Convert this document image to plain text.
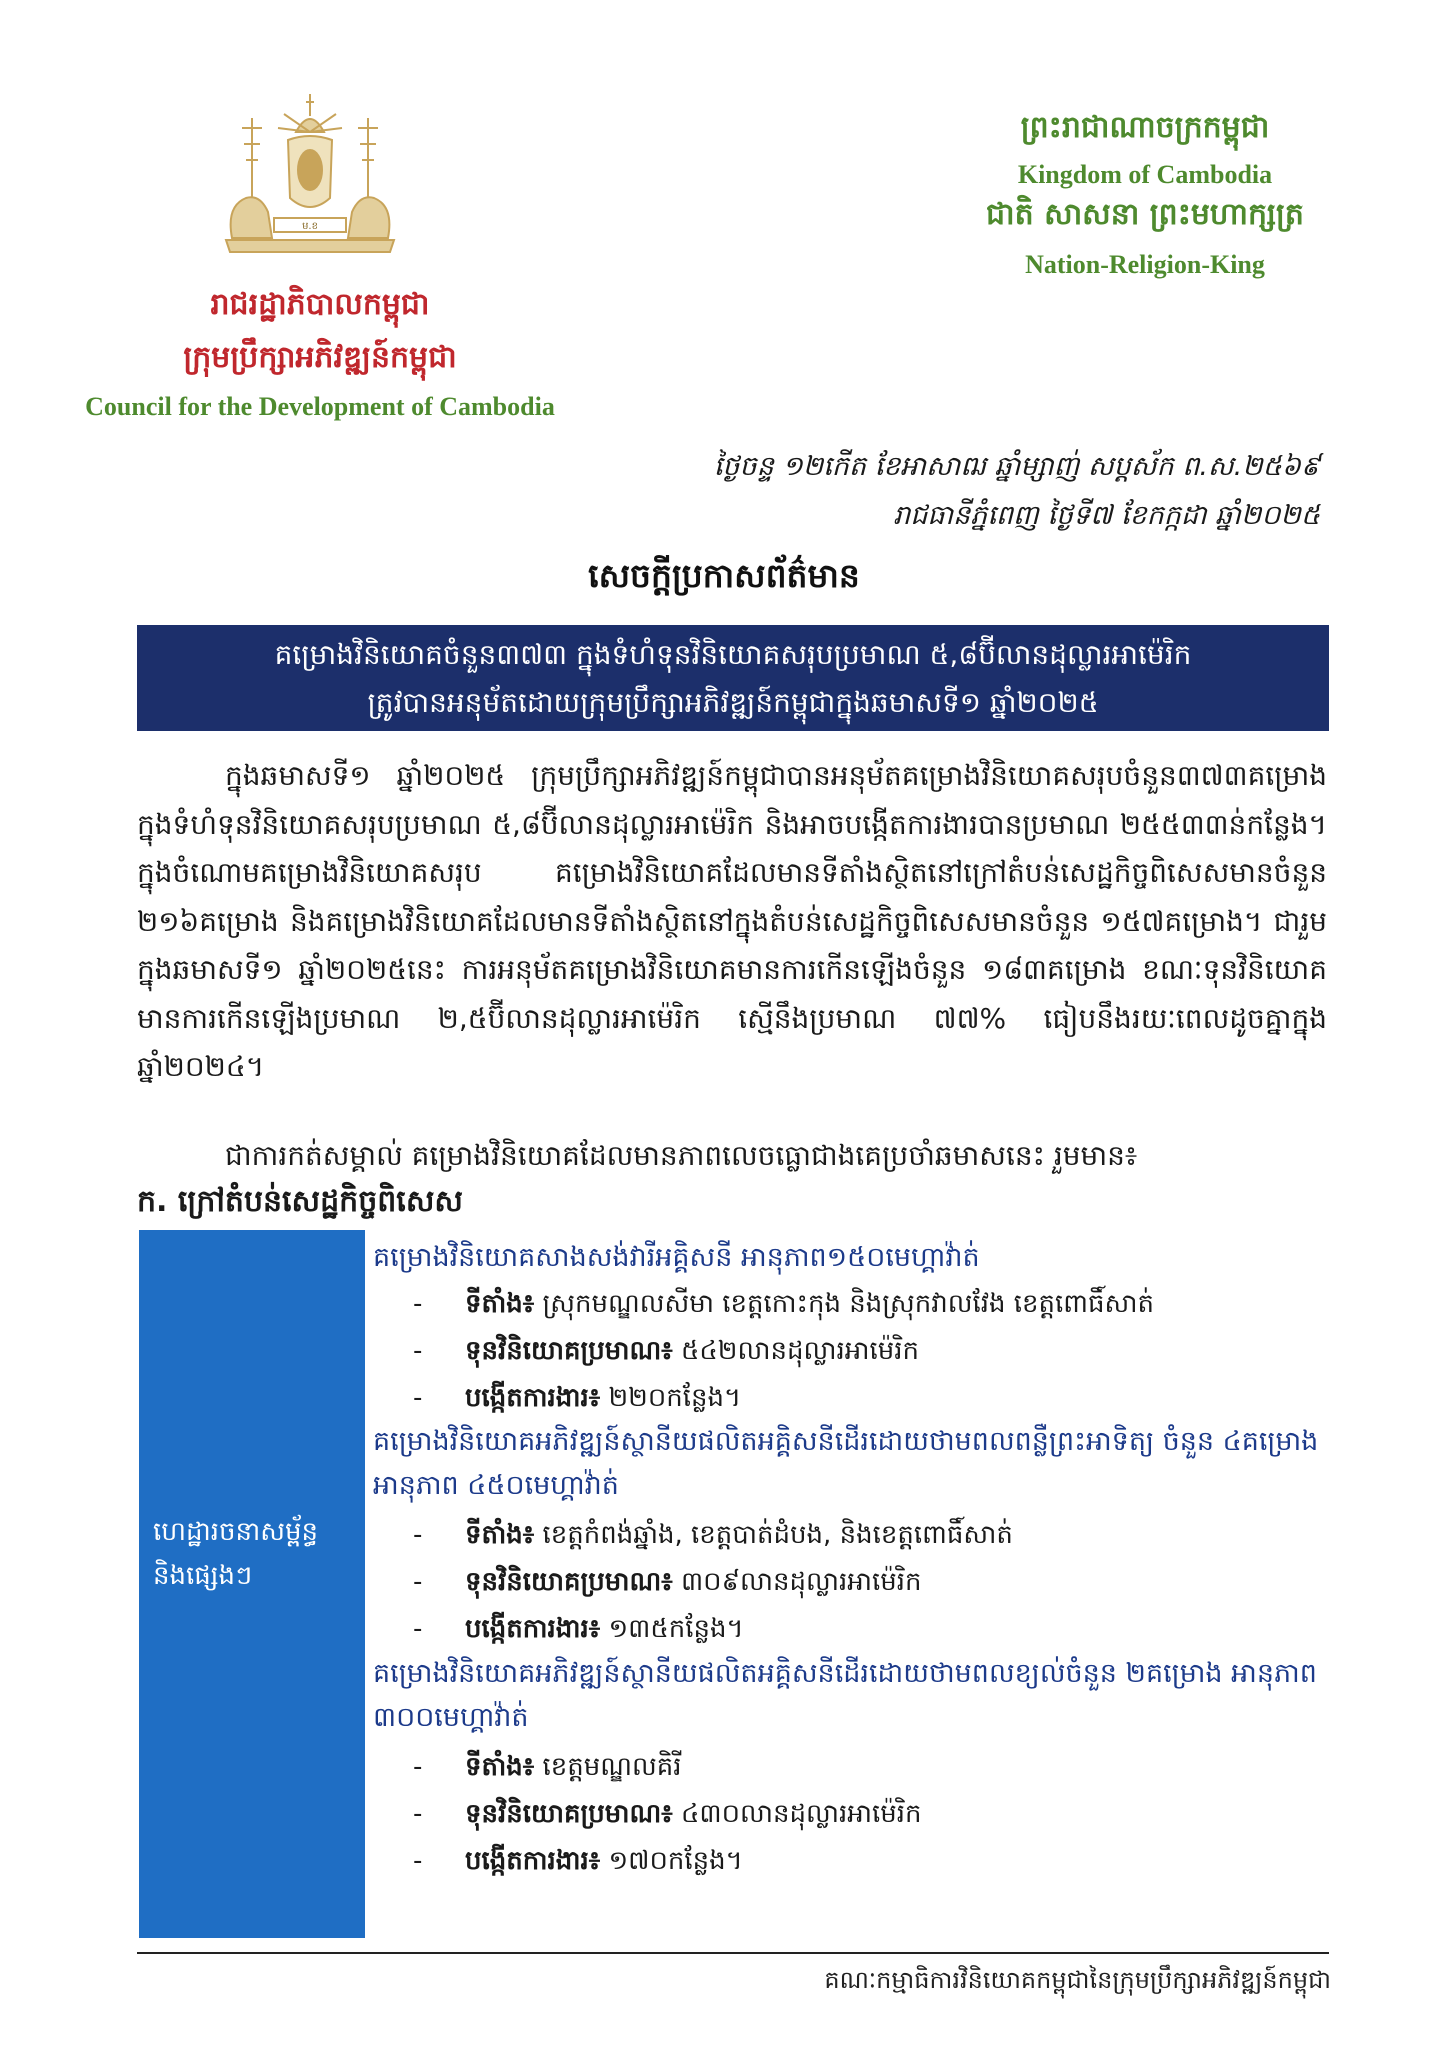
ម.ខ
រាជរដ្ឋាភិបាលកម្ពុជា
ក្រុមប្រឹក្សាអភិវឌ្ឍន៍កម្ពុជា
Council for the Development of Cambodia
ព្រះរាជាណាចក្រកម្ពុជា
Kingdom of Cambodia
ជាតិ សាសនា ព្រះមហាក្សត្រ
Nation-Religion-King
ថ្ងៃចន្ទ ១២កើត ខែអាសាឍ ឆ្នាំម្សាញ់ សប្តស័ក ព.ស.២៥៦៩
រាជធានីភ្នំពេញ ថ្ងៃទី៧ ខែកក្កដា ឆ្នាំ២០២៥
សេចក្តីប្រកាសព័ត៌មាន
គម្រោងវិនិយោគចំនួន៣៧៣ ក្នុងទំហំទុនវិនិយោគសរុបប្រមាណ ៥,៨ប៊ីលានដុល្លារអាម៉េរិក
ត្រូវបានអនុម័តដោយក្រុមប្រឹក្សាអភិវឌ្ឍន៍កម្ពុជាក្នុងឆមាសទី១ ឆ្នាំ២០២៥
ក្នុងឆមាសទី១ ឆ្នាំ២០២៥ ក្រុមប្រឹក្សាអភិវឌ្ឍន៍កម្ពុជាបានអនុម័តគម្រោងវិនិយោគសរុបចំនួន៣៧៣គម្រោង ក្នុងទំហំទុនវិនិយោគសរុបប្រមាណ ៥,៨ប៊ីលានដុល្លារអាម៉េរិក និងអាចបង្កើតការងារបានប្រមាណ ២៥៥៣៣ន់កន្លែង។ ក្នុងចំណោមគម្រោងវិនិយោគសរុប គម្រោងវិនិយោគដែលមានទីតាំងស្ថិតនៅក្រៅតំបន់សេដ្ឋកិច្ចពិសេសមានចំនួន ២១៦គម្រោង និងគម្រោងវិនិយោគដែលមានទីតាំងស្ថិតនៅក្នុងតំបន់សេដ្ឋកិច្ចពិសេសមានចំនួន ១៥៧គម្រោង។ ជារួម ក្នុងឆមាសទី១ ឆ្នាំ២០២៥នេះ ការអនុម័តគម្រោងវិនិយោគមានការកើនឡើងចំនួន ១៨៣គម្រោង ខណៈទុនវិនិយោគមានការកើនឡើងប្រមាណ ២,៥ប៊ីលានដុល្លារអាម៉េរិក ស្មើនឹងប្រមាណ ៧៧% ធៀបនឹងរយៈពេលដូចគ្នាក្នុងឆ្នាំ២០២៤។
ជាការកត់សម្គាល់ គម្រោងវិនិយោគដែលមានភាពលេចធ្លោជាងគេប្រចាំឆមាសនេះ រួមមាន៖
ក. ក្រៅតំបន់សេដ្ឋកិច្ចពិសេស
ហេដ្ឋារចនាសម្ព័ន្ធ
និងផ្សេងៗ
គម្រោងវិនិយោគសាងសង់វារីអគ្គិសនី អានុភាព១៥០មេហ្គាវ៉ាត់
- ទីតាំង៖ ស្រុកមណ្ឌលសីមា ខេត្តកោះកុង និងស្រុកវាលវែង ខេត្តពោធិ៍សាត់
- ទុនវិនិយោគប្រមាណ៖ ៥៤២លានដុល្លារអាម៉េរិក
- បង្កើតការងារ៖ ២២០កន្លែង។
គម្រោងវិនិយោគអភិវឌ្ឍន៍ស្ថានីយផលិតអគ្គិសនីដើរដោយថាមពលពន្លឺព្រះអាទិត្យ ចំនួន ៤គម្រោង
អានុភាព ៤៥០មេហ្គាវ៉ាត់
- ទីតាំង៖ ខេត្តកំពង់ឆ្នាំង, ខេត្តបាត់ដំបង, និងខេត្តពោធិ៍សាត់
- ទុនវិនិយោគប្រមាណ៖ ៣០៩លានដុល្លារអាម៉េរិក
- បង្កើតការងារ៖ ១៣៥កន្លែង។
គម្រោងវិនិយោគអភិវឌ្ឍន៍ស្ថានីយផលិតអគ្គិសនីដើរដោយថាមពលខ្យល់ចំនួន ២គម្រោង អានុភាព
៣០០មេហ្គាវ៉ាត់
- ទីតាំង៖ ខេត្តមណ្ឌលគិរី
- ទុនវិនិយោគប្រមាណ៖ ៤៣០លានដុល្លារអាម៉េរិក
- បង្កើតការងារ៖ ១៧០កន្លែង។
គណៈកម្មាធិការវិនិយោគកម្ពុជានៃក្រុមប្រឹក្សាអភិវឌ្ឍន៍កម្ពុជា
